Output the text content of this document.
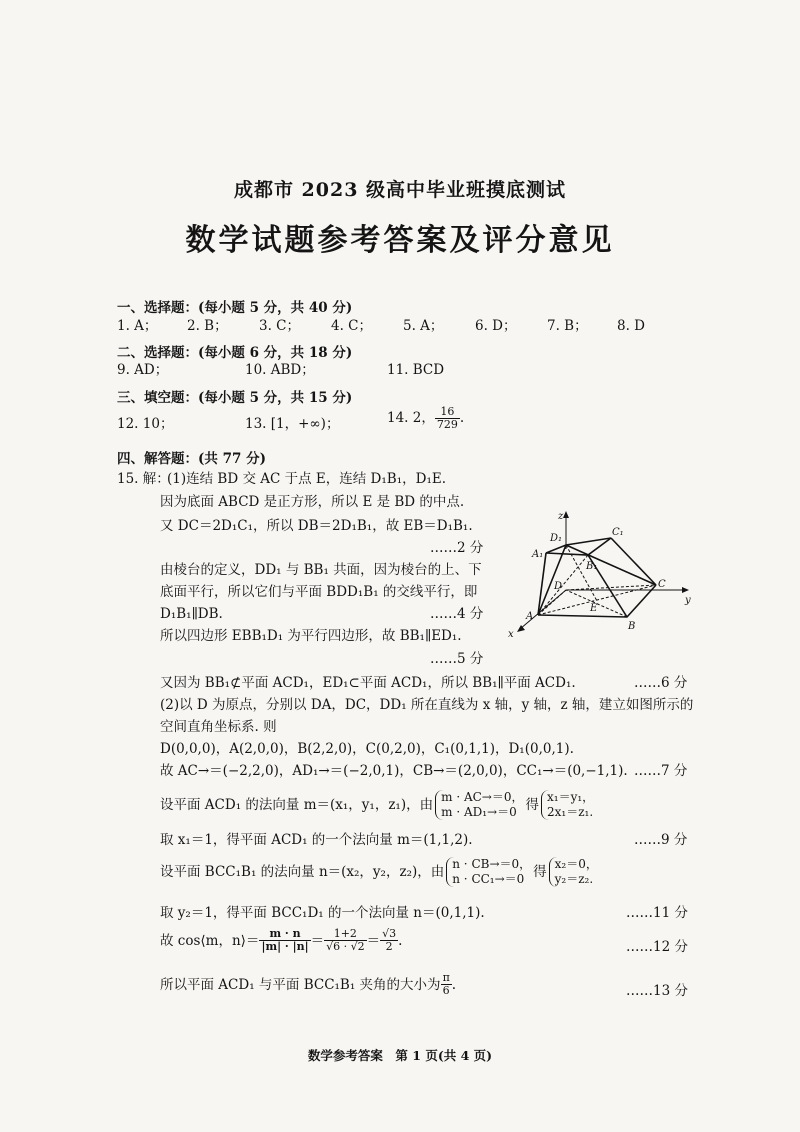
成都市 2023 级高中毕业班摸底测试
数学试题参考答案及评分意见
一、选择题：(每小题 5 分，共 40 分)
1. A； 2. B； 3. C； 4. C； 5. A； 6. D； 7. B； 8. D
二、选择题：(每小题 6 分，共 18 分)
9. AD；	10. ABD；	11. BCD
三、填空题：(每小题 5 分，共 15 分)
12. 10；	13. [1，+∞)；	14. 2， $\frac{16}{729}$ .
四、解答题：(共 77 分)
15. 解：
(1)连结 BD 交 AC 于点 E，连结 D₁B₁，D₁E.
因为底面 ABCD 是正方形，所以 E 是 BD 的中点.
又 DC＝2D₁C₁，所以 DB＝2D₁B₁，故 EB＝D₁B₁.
……2 分
由棱台的定义，DD₁ 与 BB₁ 共面，因为棱台的上、下
底面平行，所以它们与平面 BDD₁B₁ 的交线平行，即
D₁B₁∥DB.	……4 分
所以四边形 EBB₁D₁ 为平行四边形，故 BB₁∥ED₁.
……5 分
又因为 BB₁⊄平面 ACD₁，ED₁⊂平面 ACD₁，所以 BB₁∥平面 ACD₁.	……6 分
(2)以 D 为原点，分别以 DA，DC，DD₁ 所在直线为 x 轴，y 轴，z 轴，建立如图所示的
空间直角坐标系. 则
D(0,0,0)，A(2,0,0)，B(2,2,0)，C(0,2,0)，C₁(0,1,1)，D₁(0,0,1).
故 AC→＝(−2,2,0)，AD₁→＝(−2,0,1)，CB→＝(2,0,0)，CC₁→＝(0,−1,1). ……7 分
设平面 ACD₁ 的法向量 m＝(x₁，y₁，z₁)，由 m · AC→＝0，
m · AD₁→＝0 得 x₁＝y₁，
2x₁＝z₁.
取 x₁＝1，得平面 ACD₁ 的一个法向量 m＝(1,1,2).	……9 分
设平面 BCC₁B₁ 的法向量 n＝(x₂，y₂，z₂)，由 n · CB→＝0，
n · CC₁→＝0 得 x₂＝0，
y₂＝z₂.
取 y₂＝1，得平面 BCC₁D₁ 的一个法向量 n＝(0,1,1).	……11 分
故 cos⟨m，n⟩＝ $\frac{m \cdot n}{|m| \cdot |n|} = \frac{1+2}{√6 \cdot √2} = \frac{√3}{2}$ .	……12 分
所以平面 ACD₁ 与平面 BCC₁B₁ 夹角的大小为 $\frac{\pi}{6}$ .	……13 分
z
D₁
C₁
A₁
B₁
D
E
C
y
A
B
x
数学参考答案　第 1 页(共 4 页)
